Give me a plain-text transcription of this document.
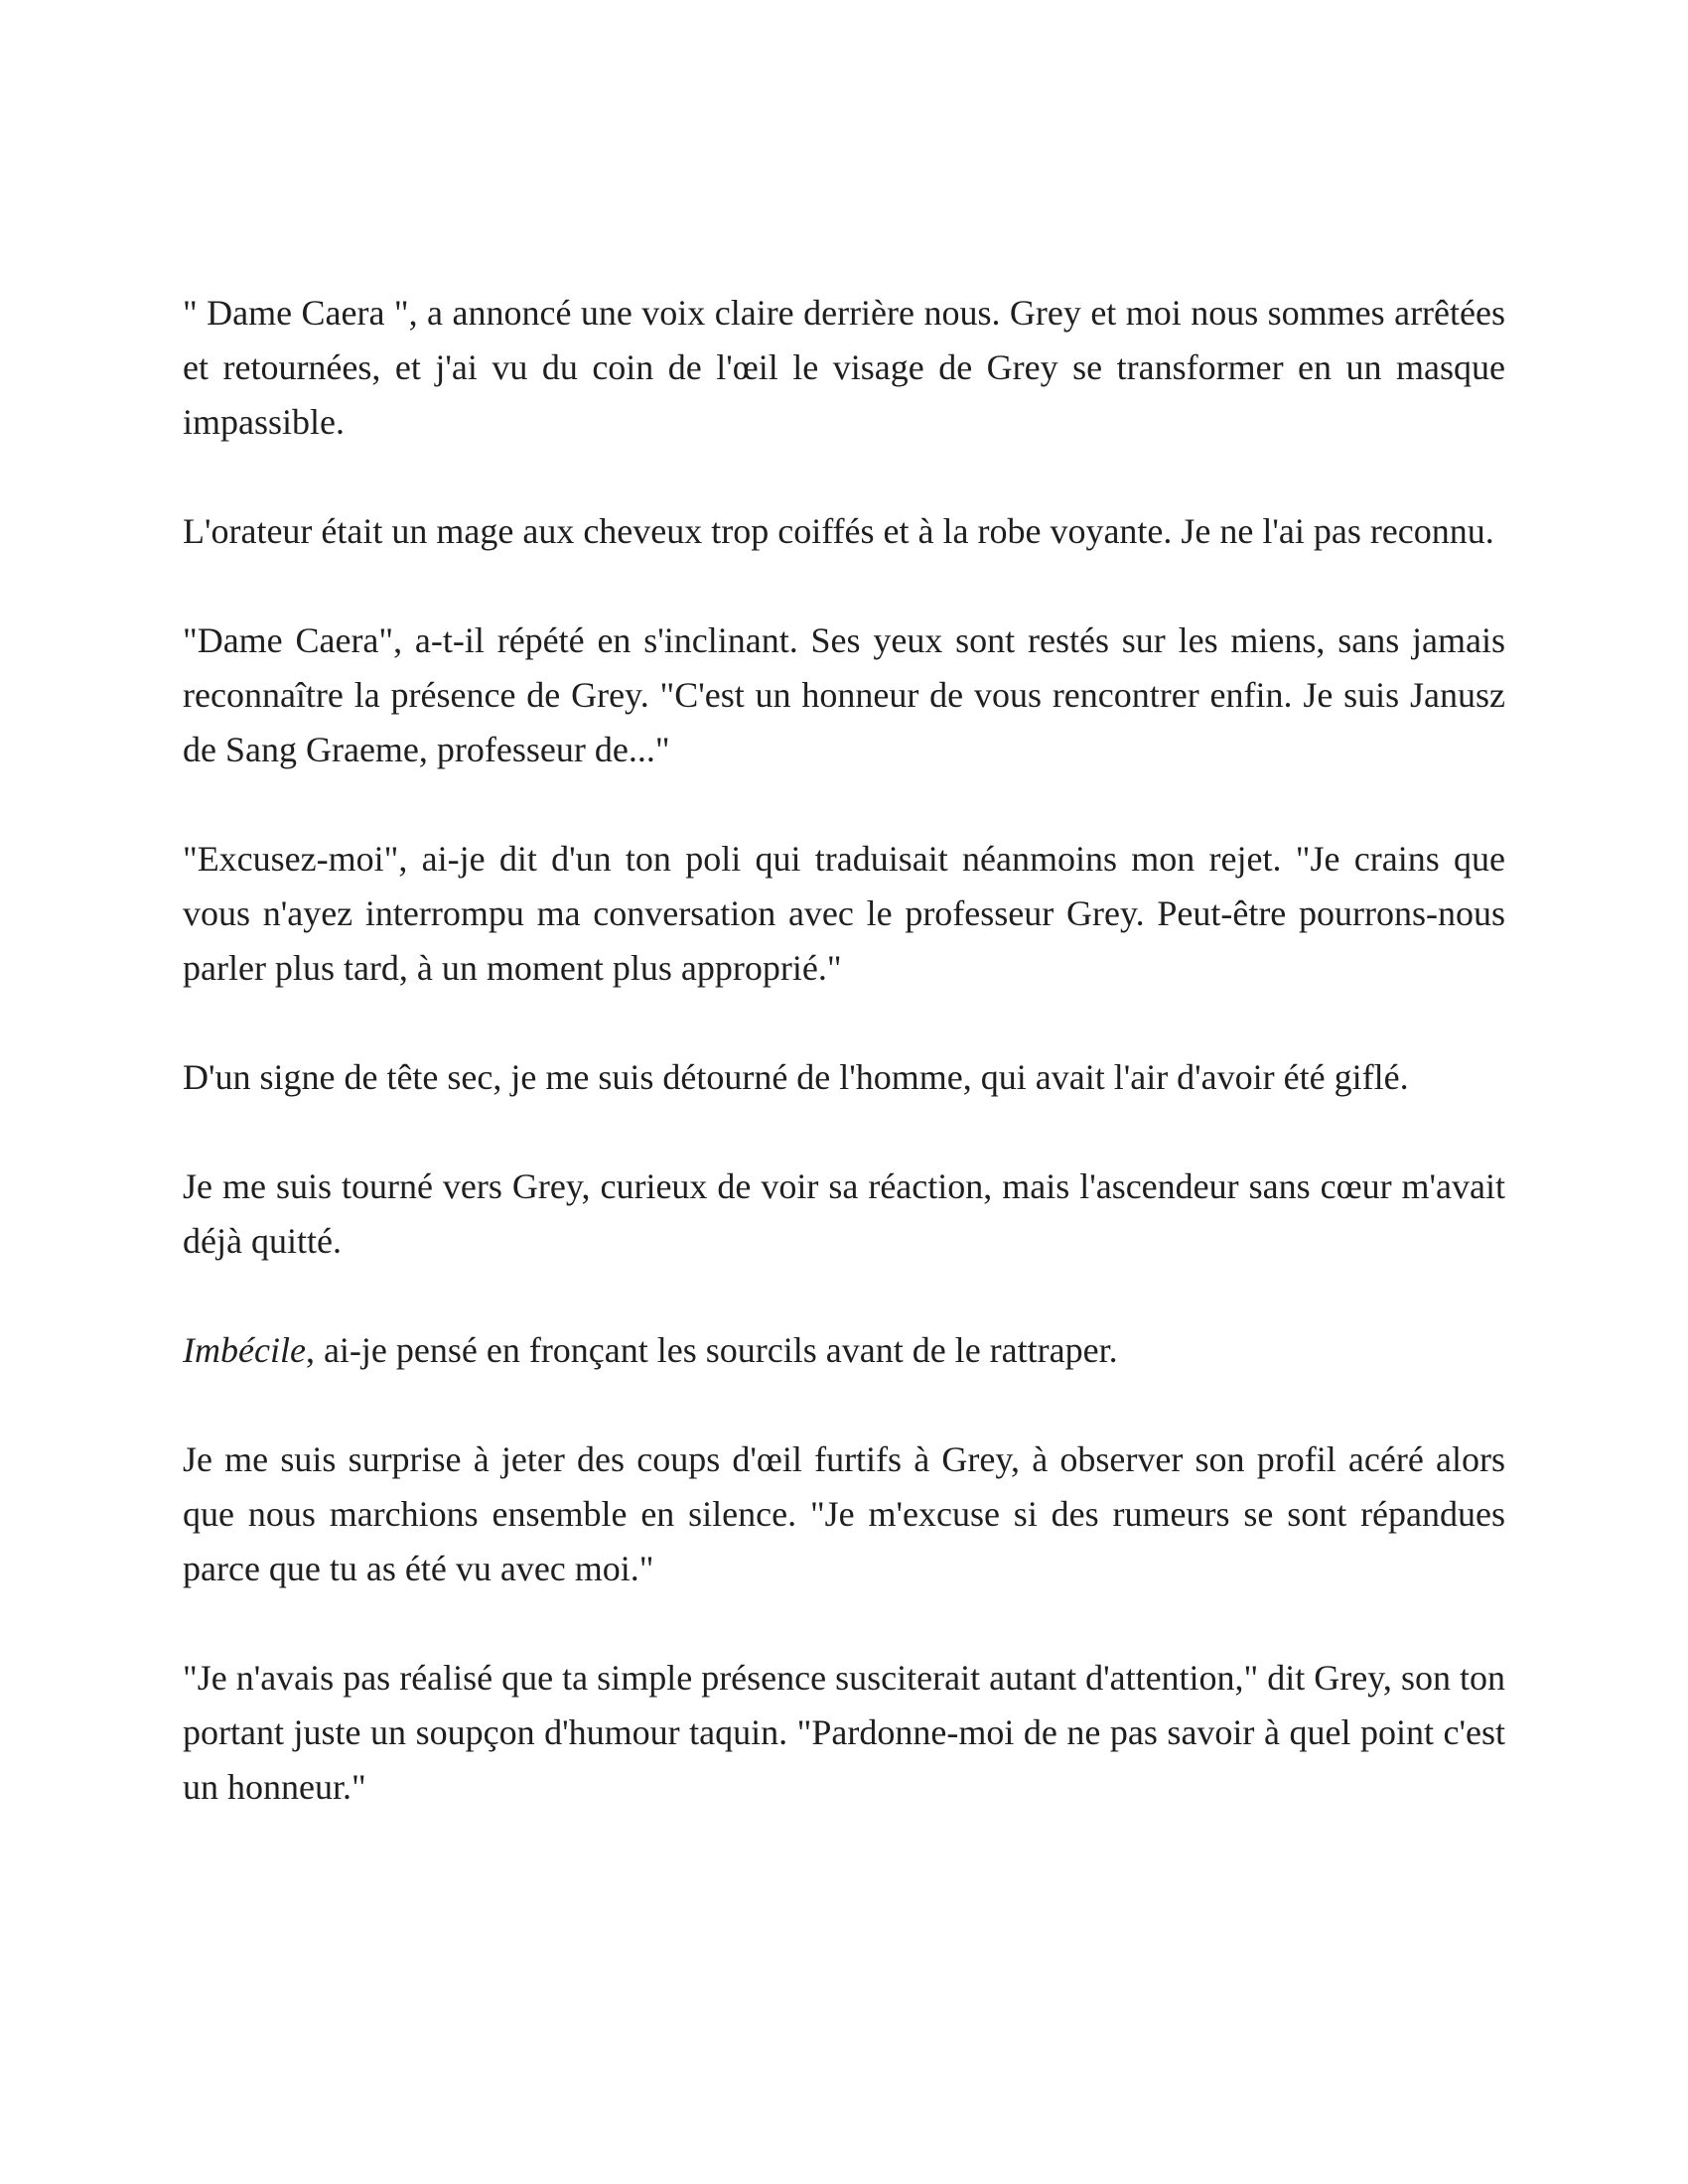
" Dame Caera ", a annoncé une voix claire derrière nous. Grey et moi nous sommes arrêtées et retournées, et j'ai vu du coin de l'œil le visage de Grey se transformer en un masque impassible.

L'orateur était un mage aux cheveux trop coiffés et à la robe voyante. Je ne l'ai pas reconnu.

"Dame Caera", a-t-il répété en s'inclinant. Ses yeux sont restés sur les miens, sans jamais reconnaître la présence de Grey. "C'est un honneur de vous rencontrer enfin. Je suis Janusz de Sang Graeme, professeur de..."

"Excusez-moi", ai-je dit d'un ton poli qui traduisait néanmoins mon rejet. "Je crains que vous n'ayez interrompu ma conversation avec le professeur Grey. Peut-être pourrons-nous parler plus tard, à un moment plus approprié."

D'un signe de tête sec, je me suis détourné de l'homme, qui avait l'air d'avoir été giflé.

Je me suis tourné vers Grey, curieux de voir sa réaction, mais l'ascendeur sans cœur m'avait déjà quitté.

Imbécile, ai-je pensé en fronçant les sourcils avant de le rattraper.

Je me suis surprise à jeter des coups d'œil furtifs à Grey, à observer son profil acéré alors que nous marchions ensemble en silence. "Je m'excuse si des rumeurs se sont répandues parce que tu as été vu avec moi."

"Je n'avais pas réalisé que ta simple présence susciterait autant d'attention," dit Grey, son ton portant juste un soupçon d'humour taquin. "Pardonne-moi de ne pas savoir à quel point c'est un honneur."
